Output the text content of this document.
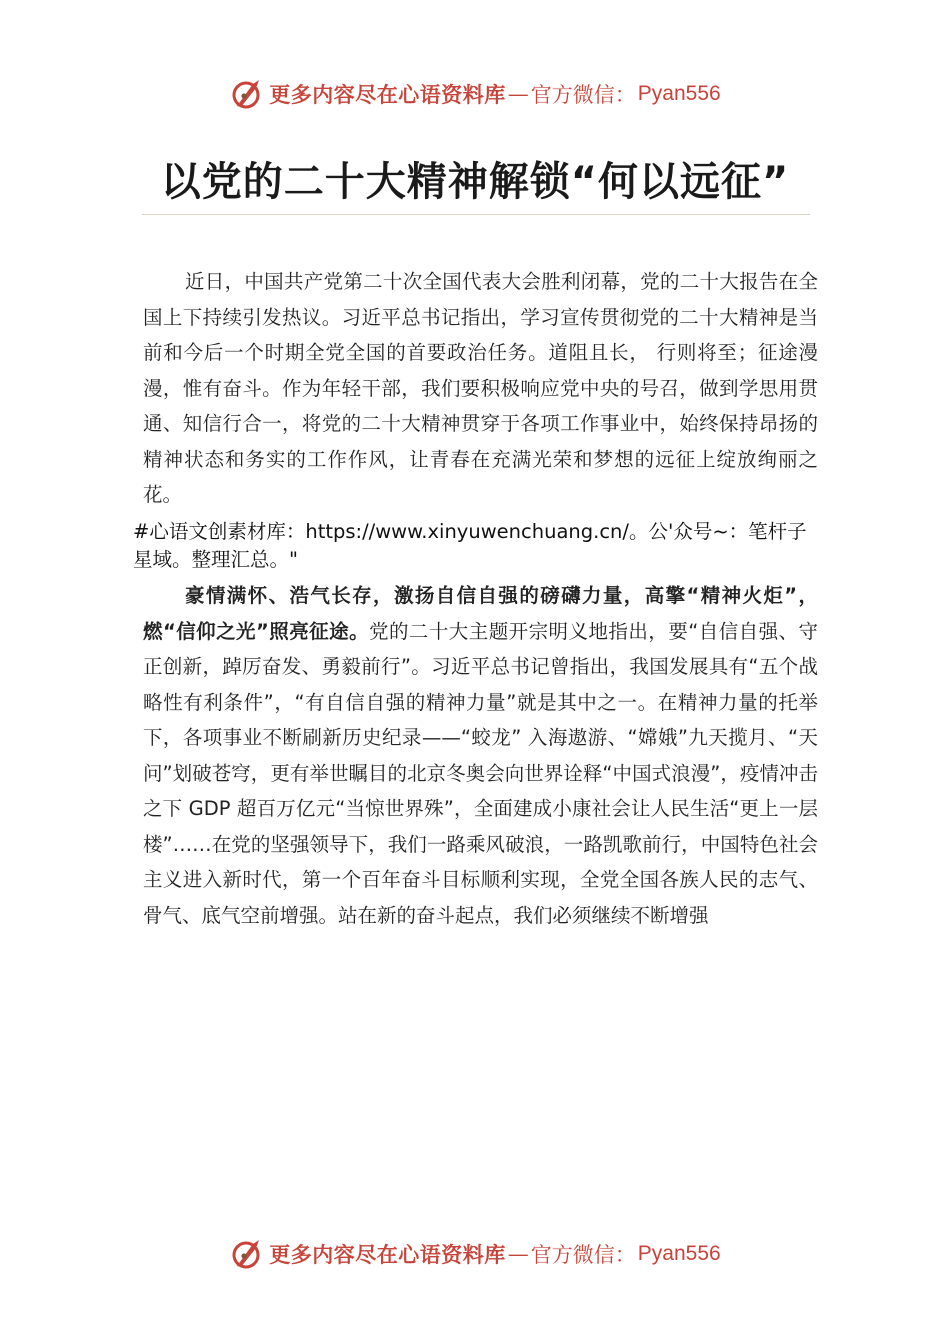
更多内容尽在心语资料库 — 官方微信： Pyan556
以党的二十大精神解锁“何以远征”

近日，中国共产党第二十次全国代表大会胜利闭幕，党的二十大报告在全国上下持续引发热议。习近平总书记指出，学习宣传贯彻党的二十大精神是当前和今后一个时期全党全国的首要政治任务。道阻且长， 行则将至；征途漫漫，惟有奋斗。作为年轻干部，我们要积极响应党中央的号召，做到学思用贯通、知信行合一，将党的二十大精神贯穿于各项工作事业中，始终保持昂扬的精神状态和务实的工作作风，让青春在充满光荣和梦想的远征上绽放绚丽之花。

#心语文创素材库：https://www.xinyuwenchuang.cn/。公'众号~：笔杆子星域。整理汇总。"

豪情满怀、浩气长存，激扬自信自强的磅礴力量，高擎“精神火炬”，燃“信仰之光”照亮征途。党的二十大主题开宗明义地指出，要“自信自强、守正创新，踔厉奋发、勇毅前行”。习近平总书记曾指出，我国发展具有“五个战略性有利条件”，“有自信自强的精神力量”就是其中之一。在精神力量的托举下，各项事业不断刷新历史纪录——“蛟龙” 入海遨游、“嫦娥”九天揽月、“天问”划破苍穹，更有举世瞩目的北京冬奥会向世界诠释“中国式浪漫”，疫情冲击之下 GDP 超百万亿元“当惊世界殊”，全面建成小康社会让人民生活“更上一层楼”……在党的坚强领导下，我们一路乘风破浪，一路凯歌前行，中国特色社会主义进入新时代，第一个百年奋斗目标顺利实现，全党全国各族人民的志气、骨气、底气空前增强。站在新的奋斗起点，我们必须继续不断增强

更多内容尽在心语资料库 — 官方微信： Pyan556
